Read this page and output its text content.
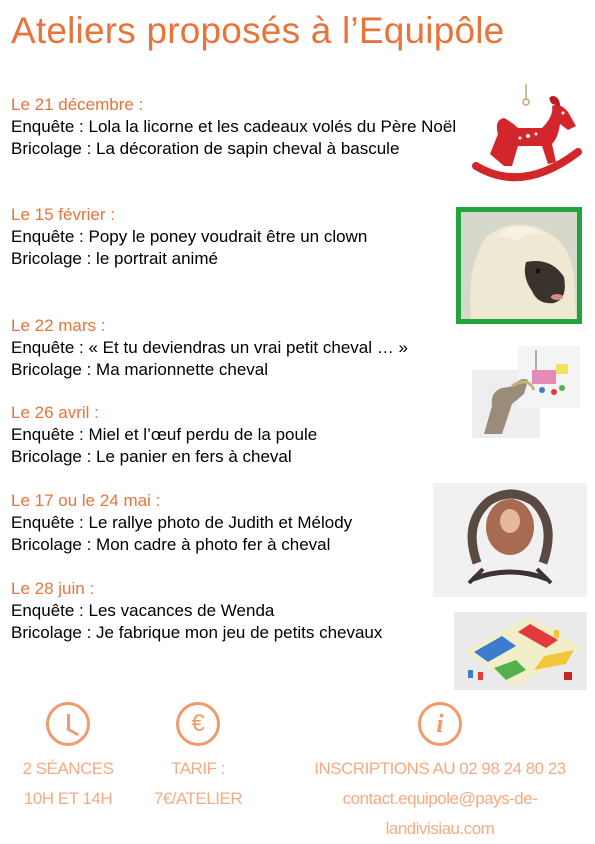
Ateliers proposés à l’Equipôle
Le 21 décembre :
Enquête : Lola la licorne et les cadeaux volés du Père Noël
Bricolage : La décoration de sapin cheval à bascule
Le 15 février :
Enquête : Popy le poney voudrait être un clown
Bricolage : le portrait animé
Le 22 mars :
Enquête : « Et tu deviendras un vrai petit cheval … »
Bricolage : Ma marionnette cheval
Le 26 avril :
Enquête : Miel et l’œuf perdu de la poule
Bricolage : Le panier en fers à cheval
Le 17 ou le 24 mai :
Enquête : Le rallye photo de Judith et Mélody
Bricolage : Mon cadre à photo fer à cheval
Le 28 juin :
Enquête : Les vacances de Wenda
Bricolage : Je fabrique mon jeu de petits chevaux
2 SÉANCES
10H ET 14H
€
TARIF :
7€/ATELIER
i
INSCRIPTIONS AU 02 98 24 80 23
contact.equipole@pays-de-landivisiau.com
